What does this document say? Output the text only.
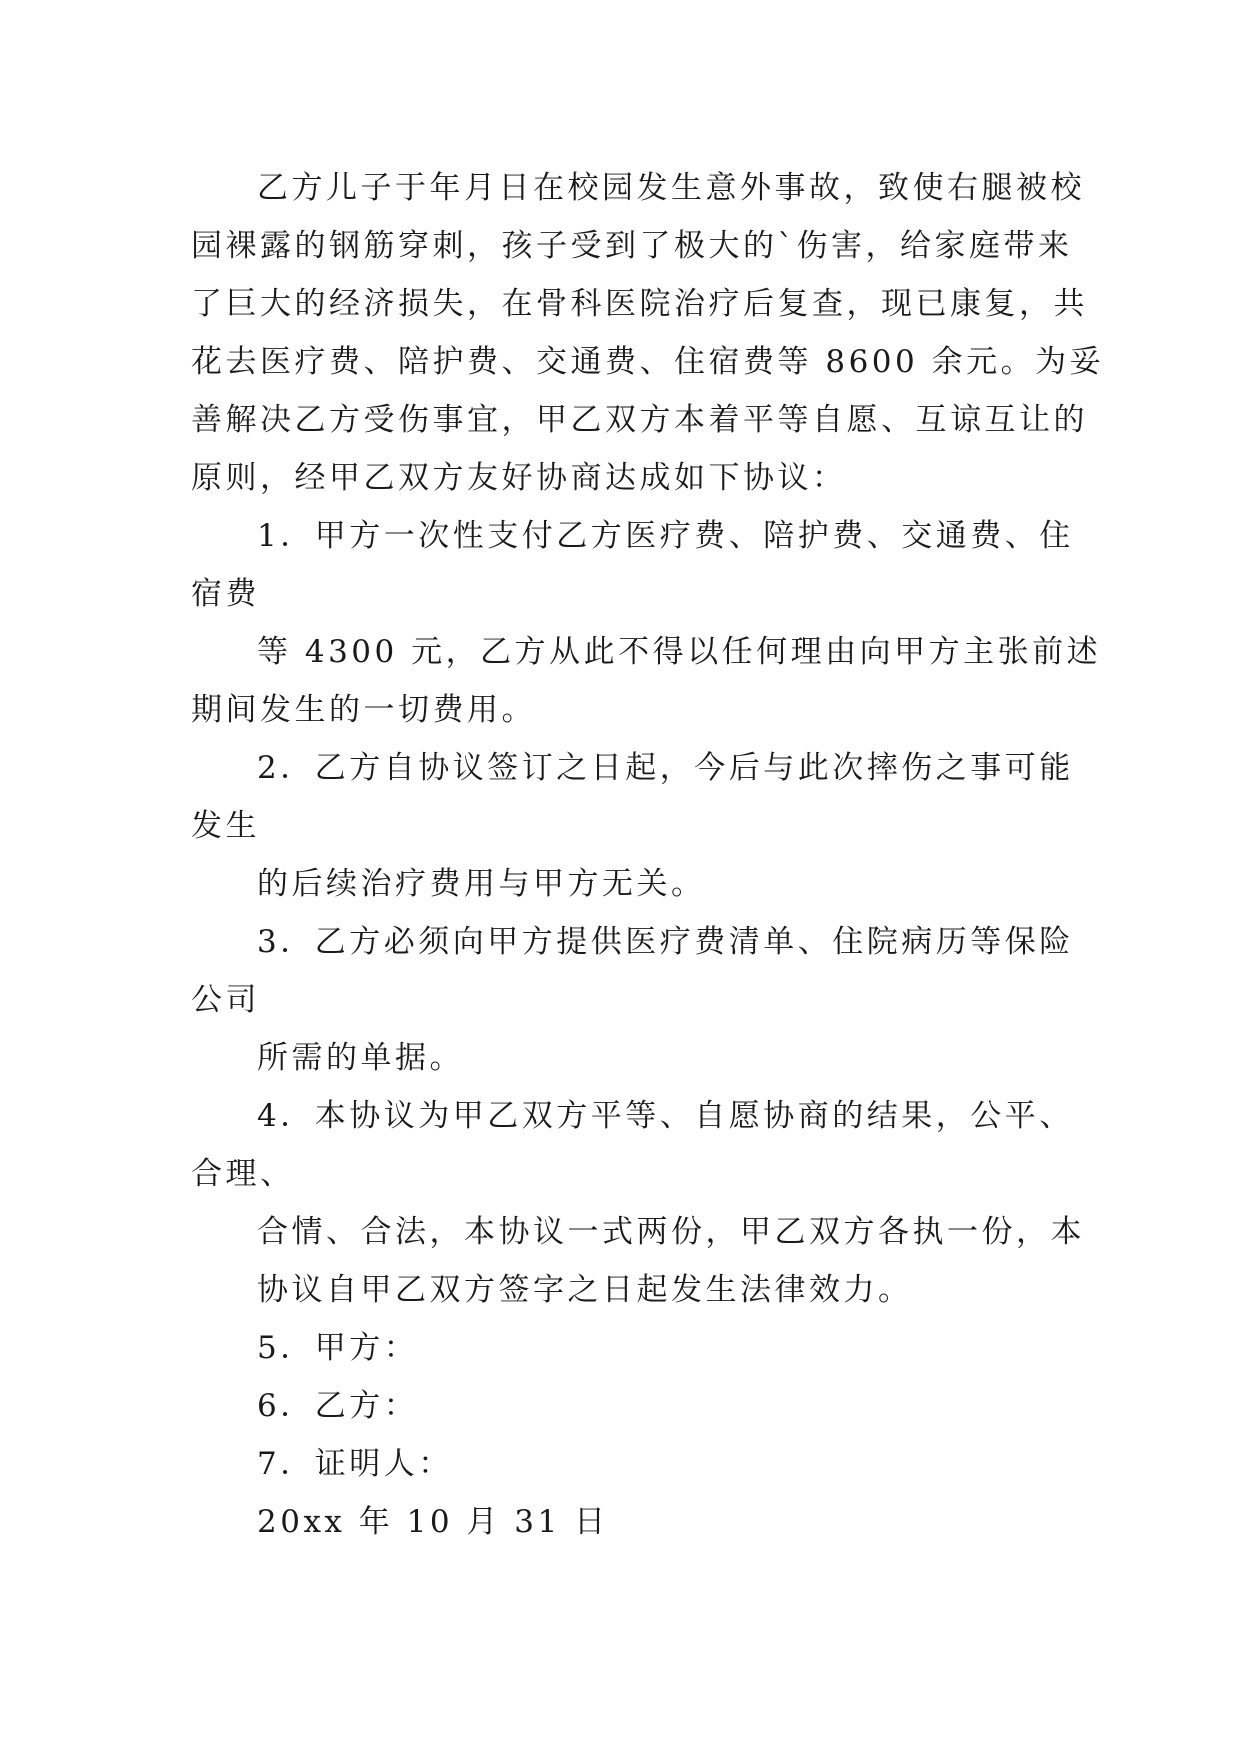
乙方儿子于年月日在校园发生意外事故，致使右腿被校
园裸露的钢筋穿刺，孩子受到了极大的`伤害，给家庭带来
了巨大的经济损失，在骨科医院治疗后复查，现已康复，共
花去医疗费、陪护费、交通费、住宿费等 8600 余元。为妥
善解决乙方受伤事宜，甲乙双方本着平等自愿、互谅互让的
原则，经甲乙双方友好协商达成如下协议：
1．甲方一次性支付乙方医疗费、陪护费、交通费、住
宿费
等 4300 元，乙方从此不得以任何理由向甲方主张前述
期间发生的一切费用。
2．乙方自协议签订之日起，今后与此次摔伤之事可能
发生
的后续治疗费用与甲方无关。
3．乙方必须向甲方提供医疗费清单、住院病历等保险
公司
所需的单据。
4．本协议为甲乙双方平等、自愿协商的结果，公平、
合理、
合情、合法，本协议一式两份，甲乙双方各执一份，本
协议自甲乙双方签字之日起发生法律效力。
5．甲方：
6．乙方：
7．证明人：
20xx 年 10 月 31 日
